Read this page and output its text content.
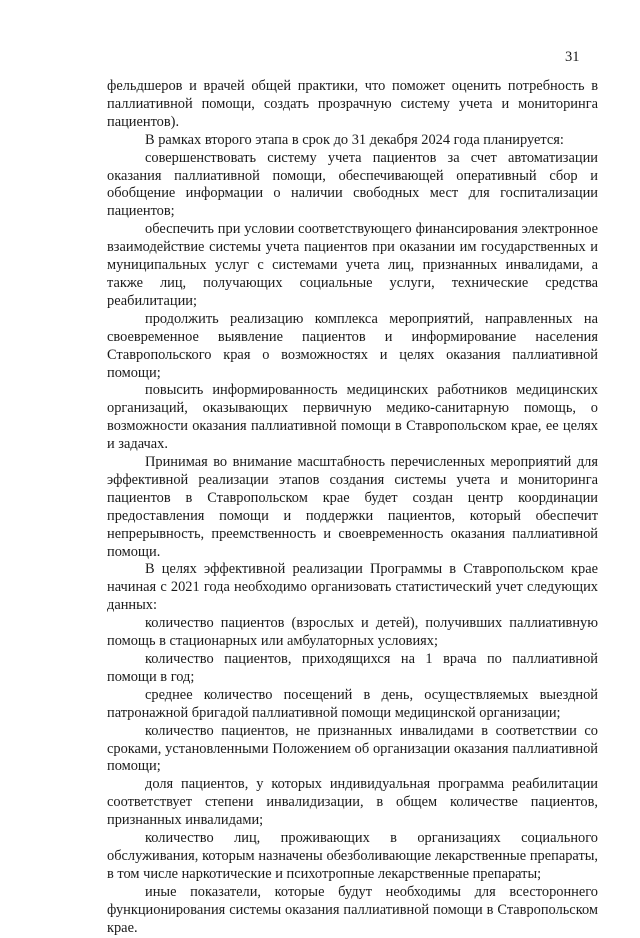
31

фельдшеров и врачей общей практики, что поможет оценить потребность в паллиативной помощи, создать прозрачную систему учета и мониторинга пациентов).

В рамках второго этапа в срок до 31 декабря 2024 года планируется:

совершенствовать систему учета пациентов за счет автоматизации оказания паллиативной помощи, обеспечивающей оперативный сбор и обобщение информации о наличии свободных мест для госпитализации пациентов;

обеспечить при условии соответствующего финансирования электронное взаимодействие системы учета пациентов при оказании им государственных и муниципальных услуг с системами учета лиц, признанных инвалидами, а также лиц, получающих социальные услуги, технические средства реабилитации;

продолжить реализацию комплекса мероприятий, направленных на своевременное выявление пациентов и информирование населения Ставропольского края о возможностях и целях оказания паллиативной помощи;

повысить информированность медицинских работников медицинских организаций, оказывающих первичную медико-санитарную помощь, о возможности оказания паллиативной помощи в Ставропольском крае, ее целях и задачах.

Принимая во внимание масштабность перечисленных мероприятий для эффективной реализации этапов создания системы учета и мониторинга пациентов в Ставропольском крае будет создан центр координации предоставления помощи и поддержки пациентов, который обеспечит непрерывность, преемственность и своевременность оказания паллиативной помощи.

В целях эффективной реализации Программы в Ставропольском крае начиная с 2021 года необходимо организовать статистический учет следующих данных:

количество пациентов (взрослых и детей), получивших паллиативную помощь в стационарных или амбулаторных условиях;

количество пациентов, приходящихся на 1 врача по паллиативной помощи в год;

среднее количество посещений в день, осуществляемых выездной патронажной бригадой паллиативной помощи медицинской организации;

количество пациентов, не признанных инвалидами в соответствии со сроками, установленными Положением об организации оказания паллиативной помощи;

доля пациентов, у которых индивидуальная программа реабилитации соответствует степени инвалидизации, в общем количестве пациентов, признанных инвалидами;

количество лиц, проживающих в организациях социального обслуживания, которым назначены обезболивающие лекарственные препараты, в том числе наркотические и психотропные лекарственные препараты;

иные показатели, которые будут необходимы для всестороннего функционирования системы оказания паллиативной помощи в Ставропольском крае.
